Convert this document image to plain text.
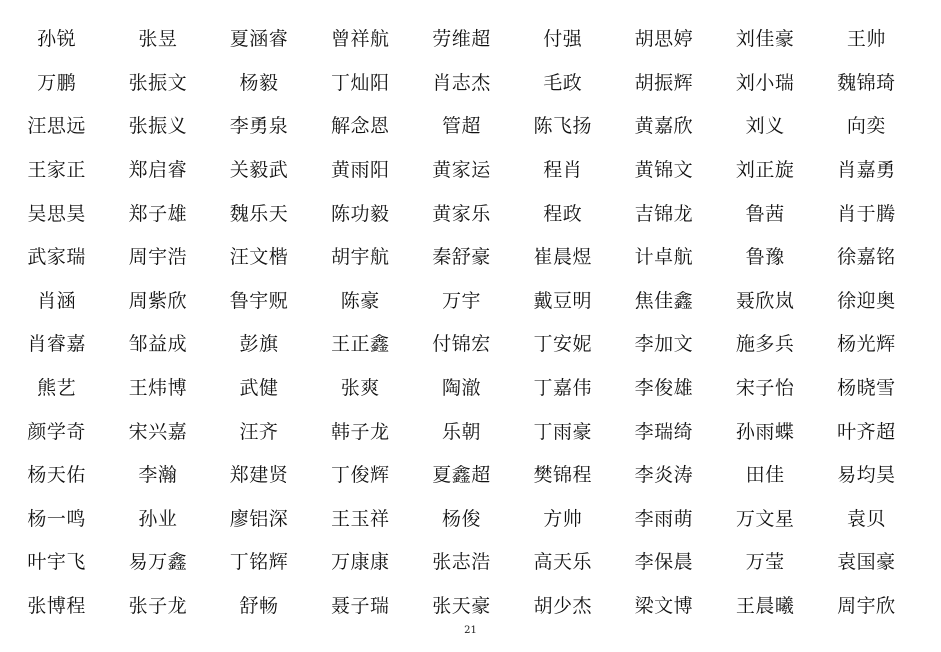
孙锐	张昱	夏涵睿	曾祥航	劳维超	付强	胡思婷	刘佳豪	王帅
万鹏	张振文	杨毅	丁灿阳	肖志杰	毛政	胡振辉	刘小瑞	魏锦琦
汪思远	张振义	李勇泉	解念恩	管超	陈飞扬	黄嘉欣	刘义	向奕
王家正	郑启睿	关毅武	黄雨阳	黄家运	程肖	黄锦文	刘正旋	肖嘉勇
吴思昊	郑子雄	魏乐天	陈功毅	黄家乐	程政	吉锦龙	鲁茜	肖于腾
武家瑞	周宇浩	汪文楷	胡宇航	秦舒豪	崔晨煜	计卓航	鲁豫	徐嘉铭
肖涵	周紫欣	鲁宇贶	陈豪	万宇	戴豆明	焦佳鑫	聂欣岚	徐迎奥
肖睿嘉	邹益成	彭旗	王正鑫	付锦宏	丁安妮	李加文	施多兵	杨光辉
熊艺	王炜博	武健	张爽	陶澈	丁嘉伟	李俊雄	宋子怡	杨晓雪
颜学奇	宋兴嘉	汪齐	韩子龙	乐朝	丁雨豪	李瑞绮	孙雨蝶	叶齐超
杨天佑	李瀚	郑建贤	丁俊辉	夏鑫超	樊锦程	李炎涛	田佳	易均昊
杨一鸣	孙业	廖铝深	王玉祥	杨俊	方帅	李雨萌	万文星	袁贝
叶宇飞	易万鑫	丁铭辉	万康康	张志浩	高天乐	李保晨	万莹	袁国豪
张博程	张子龙	舒畅	聂子瑞	张天豪	胡少杰	梁文博	王晨曦	周宇欣
21
